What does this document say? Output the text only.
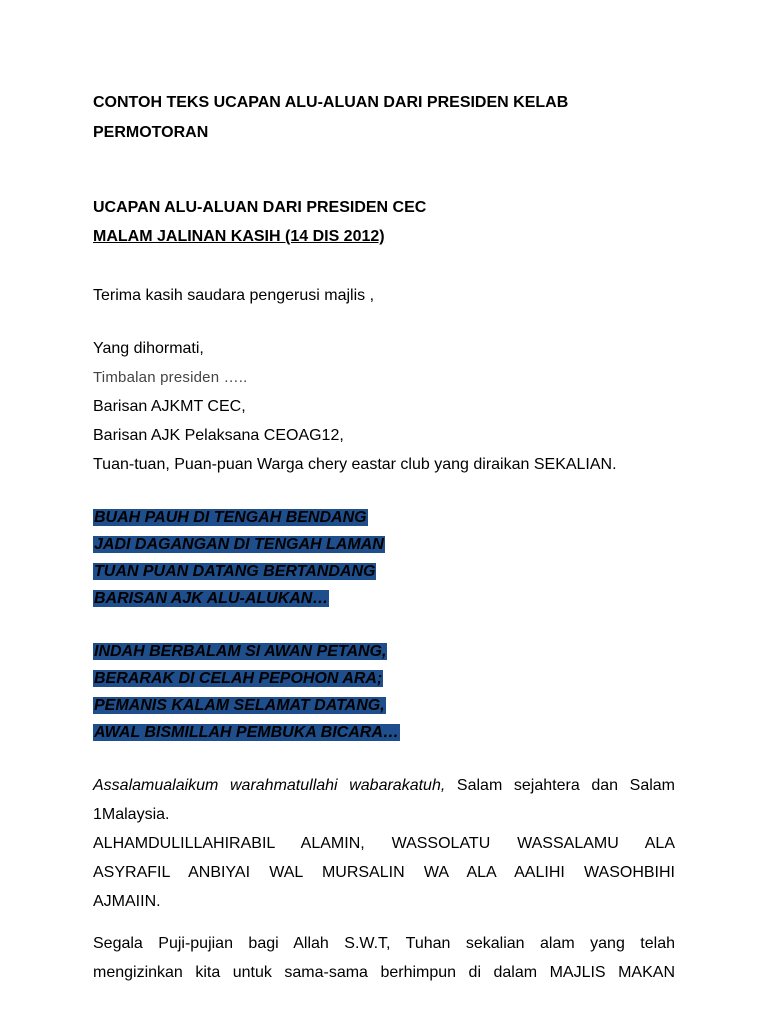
CONTOH TEKS UCAPAN ALU-ALUAN DARI PRESIDEN KELAB
PERMOTORAN
UCAPAN ALU-ALUAN DARI PRESIDEN CEC
MALAM JALINAN KASIH (14 DIS 2012)
Terima kasih saudara pengerusi majlis ,
Yang dihormati,
Timbalan presiden …..
Barisan AJKMT CEC,
Barisan AJK Pelaksana CEOAG12,
Tuan-tuan, Puan-puan Warga chery eastar club yang diraikan SEKALIAN.
BUAH PAUH DI TENGAH BENDANG
JADI DAGANGAN DI TENGAH LAMAN
TUAN PUAN DATANG BERTANDANG
BARISAN AJK ALU-ALUKAN…
INDAH BERBALAM SI AWAN PETANG,
BERARAK DI CELAH PEPOHON ARA;
PEMANIS KALAM SELAMAT DATANG,
AWAL BISMILLAH PEMBUKA BICARA…
Assalamualaikum warahmatullahi wabarakatuh, Salam sejahtera dan Salam
1Malaysia.
ALHAMDULILLAHIRABIL ALAMIN, WASSOLATU WASSALAMU ALA
ASYRAFIL ANBIYAI WAL MURSALIN WA ALA AALIHI WASOHBIHI
AJMAIIN.
Segala Puji-pujian bagi Allah S.W.T, Tuhan sekalian alam yang telah
mengizinkan kita untuk sama-sama berhimpun di dalam MAJLIS MAKAN
